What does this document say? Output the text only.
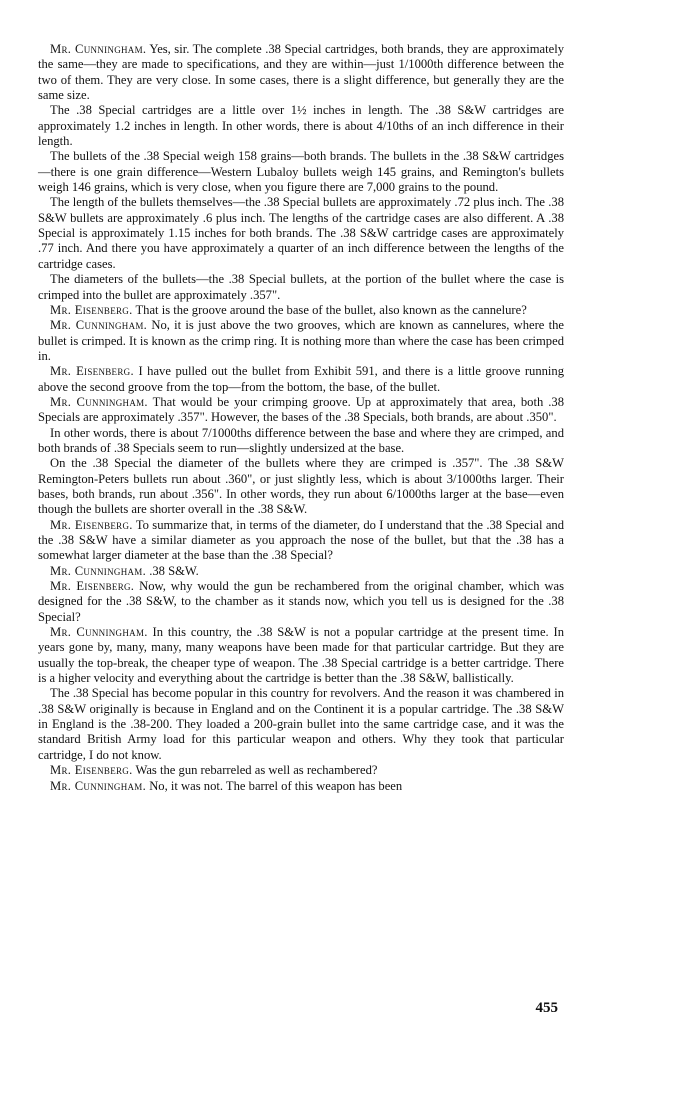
Mr. Cunningham. Yes, sir. The complete .38 Special cartridges, both brands, they are approximately the same—they are made to specifications, and they are within—just 1/1000th difference between the two of them. They are very close. In some cases, there is a slight difference, but generally they are the same size.

The .38 Special cartridges are a little over 1½ inches in length. The .38 S&W cartridges are approximately 1.2 inches in length. In other words, there is about 4/10ths of an inch difference in their length.

The bullets of the .38 Special weigh 158 grains—both brands. The bullets in the .38 S&W cartridges—there is one grain difference—Western Lubaloy bullets weigh 145 grains, and Remington's bullets weigh 146 grains, which is very close, when you figure there are 7,000 grains to the pound.

The length of the bullets themselves—the .38 Special bullets are approximately .72 plus inch. The .38 S&W bullets are approximately .6 plus inch. The lengths of the cartridge cases are also different. A .38 Special is approximately 1.15 inches for both brands. The .38 S&W cartridge cases are approximately .77 inch. And there you have approximately a quarter of an inch difference between the lengths of the cartridge cases.

The diameters of the bullets—the .38 Special bullets, at the portion of the bullet where the case is crimped into the bullet are approximately .357".

Mr. Eisenberg. That is the groove around the base of the bullet, also known as the cannelure?

Mr. Cunningham. No, it is just above the two grooves, which are known as cannelures, where the bullet is crimped. It is known as the crimp ring. It is nothing more than where the case has been crimped in.

Mr. Eisenberg. I have pulled out the bullet from Exhibit 591, and there is a little groove running above the second groove from the top—from the bottom, the base, of the bullet.

Mr. Cunningham. That would be your crimping groove. Up at approximately that area, both .38 Specials are approximately .357". However, the bases of the .38 Specials, both brands, are about .350".

In other words, there is about 7/1000ths difference between the base and where they are crimped, and both brands of .38 Specials seem to run—slightly undersized at the base.

On the .38 Special the diameter of the bullets where they are crimped is .357". The .38 S&W Remington-Peters bullets run about .360", or just slightly less, which is about 3/1000ths larger. Their bases, both brands, run about .356". In other words, they run about 6/1000ths larger at the base—even though the bullets are shorter overall in the .38 S&W.

Mr. Eisenberg. To summarize that, in terms of the diameter, do I understand that the .38 Special and the .38 S&W have a similar diameter as you approach the nose of the bullet, but that the .38 has a somewhat larger diameter at the base than the .38 Special?

Mr. Cunningham. .38 S&W.

Mr. Eisenberg. Now, why would the gun be rechambered from the original chamber, which was designed for the .38 S&W, to the chamber as it stands now, which you tell us is designed for the .38 Special?

Mr. Cunningham. In this country, the .38 S&W is not a popular cartridge at the present time. In years gone by, many, many, many weapons have been made for that particular cartridge. But they are usually the top-break, the cheaper type of weapon. The .38 Special cartridge is a better cartridge. There is a higher velocity and everything about the cartridge is better than the .38 S&W, ballistically.

The .38 Special has become popular in this country for revolvers. And the reason it was chambered in .38 S&W originally is because in England and on the Continent it is a popular cartridge. The .38 S&W in England is the .38-200. They loaded a 200-grain bullet into the same cartridge case, and it was the standard British Army load for this particular weapon and others. Why they took that particular cartridge, I do not know.

Mr. Eisenberg. Was the gun rebarreled as well as rechambered?

Mr. Cunningham. No, it was not. The barrel of this weapon has been

455
